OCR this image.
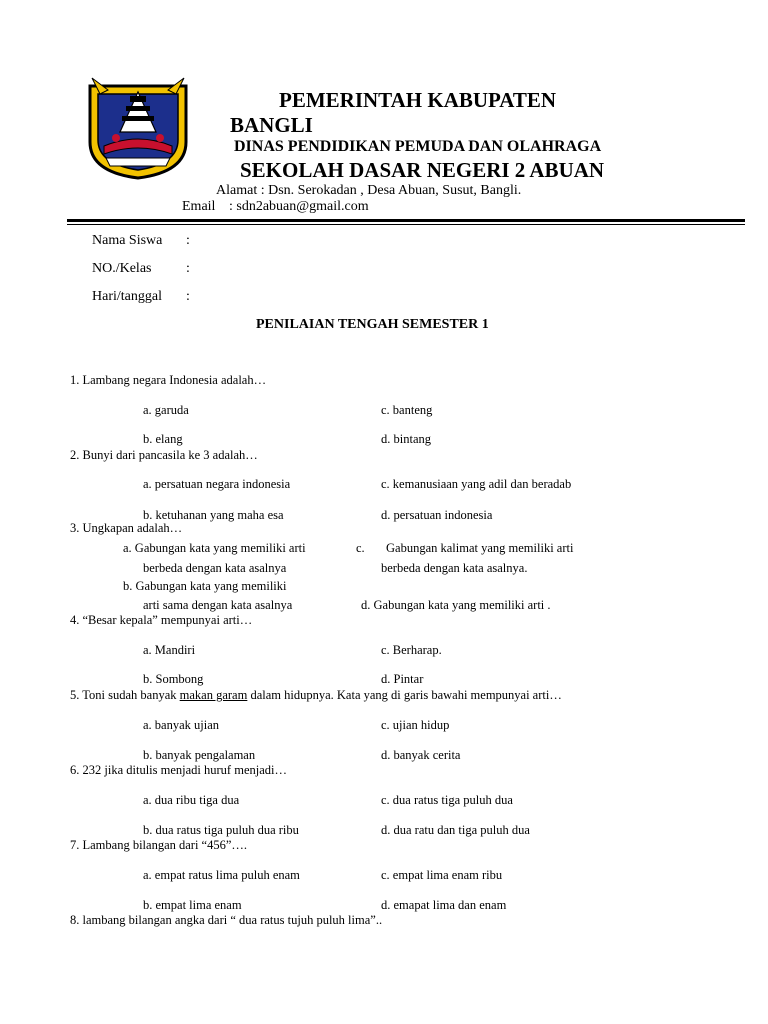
PEMERINTAH KABUPATEN
BANGLI
DINAS PENDIDIKAN PEMUDA DAN OLAHRAGA
SEKOLAH DASAR NEGERI 2 ABUAN
Alamat : Dsn. Serokadan , Desa Abuan, Susut, Bangli.
Email : sdn2abuan@gmail.com
Nama Siswa :
NO./Kelas :
Hari/tanggal :
PENILAIAN TENGAH SEMESTER 1
1. Lambang negara Indonesia adalah…
a. garuda	c. banteng
b. elang	d. bintang
2. Bunyi dari pancasila ke 3 adalah…
a. persatuan negara indonesia	c. kemanusiaan yang adil dan beradab
b. ketuhanan yang maha esa	d. persatuan indonesia
3. Ungkapan adalah…
a. Gabungan kata yang memiliki arti	c. Gabungan kalimat yang memiliki arti
berbeda dengan kata asalnya	berbeda dengan kata asalnya.
b. Gabungan kata yang memiliki
arti sama dengan kata asalnya	d. Gabungan kata yang memiliki arti .
4. “Besar kepala” mempunyai arti…
a. Mandiri	c. Berharap.
b. Sombong	d. Pintar
5. Toni sudah banyak makan garam dalam hidupnya. Kata yang di garis bawahi mempunyai arti…
a. banyak ujian	c. ujian hidup
b. banyak pengalaman	d. banyak cerita
6. 232 jika ditulis menjadi huruf menjadi…
a. dua ribu tiga dua	c. dua ratus tiga puluh dua
b. dua ratus tiga puluh dua ribu	d. dua ratu dan tiga puluh dua
7. Lambang bilangan dari “456”….
a. empat ratus lima puluh enam	c. empat lima enam ribu
b. empat lima enam	d. emapat lima dan enam
8. lambang bilangan angka dari “ dua ratus tujuh puluh lima”..
